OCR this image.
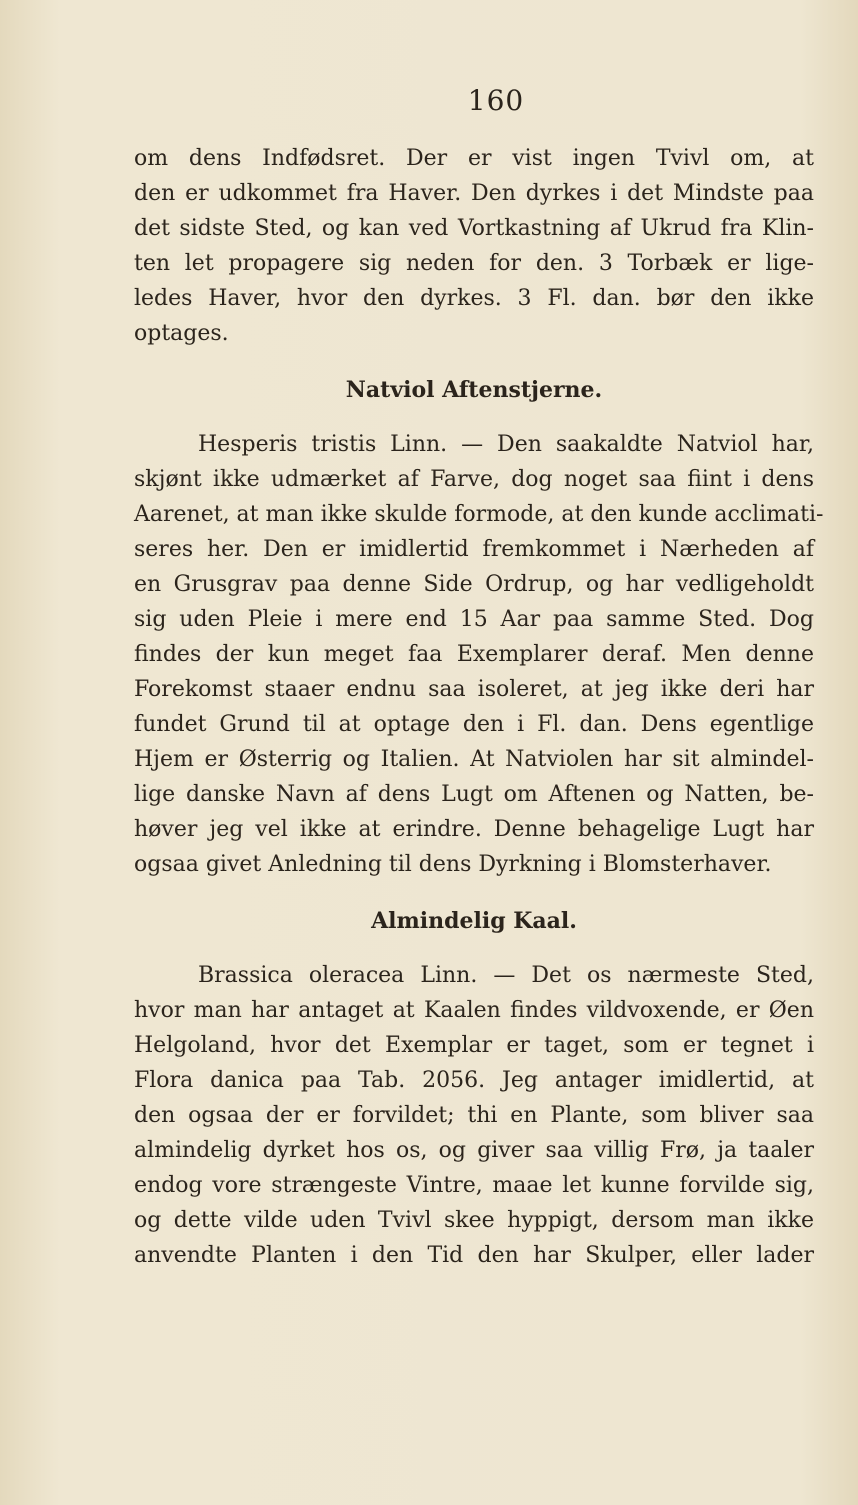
160
om dens Indfødsret. Der er vist ingen Tvivl om, at
den er udkommet fra Haver. Den dyrkes i det Mindste paa
det sidste Sted, og kan ved Vortkastning af Ukrud fra Klin-
ten let propagere sig neden for den. 3 Torbæk er lige-
ledes Haver, hvor den dyrkes. 3 Fl. dan. bør den ikke
optages.
Natviol Aftenstjerne.
Hesperis tristis Linn. — Den saakaldte Natviol har,
skjønt ikke udmærket af Farve, dog noget saa fiint i dens
Aarenet, at man ikke skulde formode, at den kunde acclimati-
seres her. Den er imidlertid fremkommet i Nærheden af
en Grusgrav paa denne Side Ordrup, og har vedligeholdt
sig uden Pleie i mere end 15 Aar paa samme Sted. Dog
findes der kun meget faa Exemplarer deraf. Men denne
Forekomst staaer endnu saa isoleret, at jeg ikke deri har
fundet Grund til at optage den i Fl. dan. Dens egentlige
Hjem er Østerrig og Italien. At Natviolen har sit almindel-
lige danske Navn af dens Lugt om Aftenen og Natten, be-
høver jeg vel ikke at erindre. Denne behagelige Lugt har
ogsaa givet Anledning til dens Dyrkning i Blomsterhaver.
Almindelig Kaal.
Brassica oleracea Linn. — Det os nærmeste Sted,
hvor man har antaget at Kaalen findes vildvoxende, er Øen
Helgoland, hvor det Exemplar er taget, som er tegnet i
Flora danica paa Tab. 2056. Jeg antager imidlertid, at
den ogsaa der er forvildet; thi en Plante, som bliver saa
almindelig dyrket hos os, og giver saa villig Frø, ja taaler
endog vore strængeste Vintre, maae let kunne forvilde sig,
og dette vilde uden Tvivl skee hyppigt, dersom man ikke
anvendte Planten i den Tid den har Skulper, eller lader
